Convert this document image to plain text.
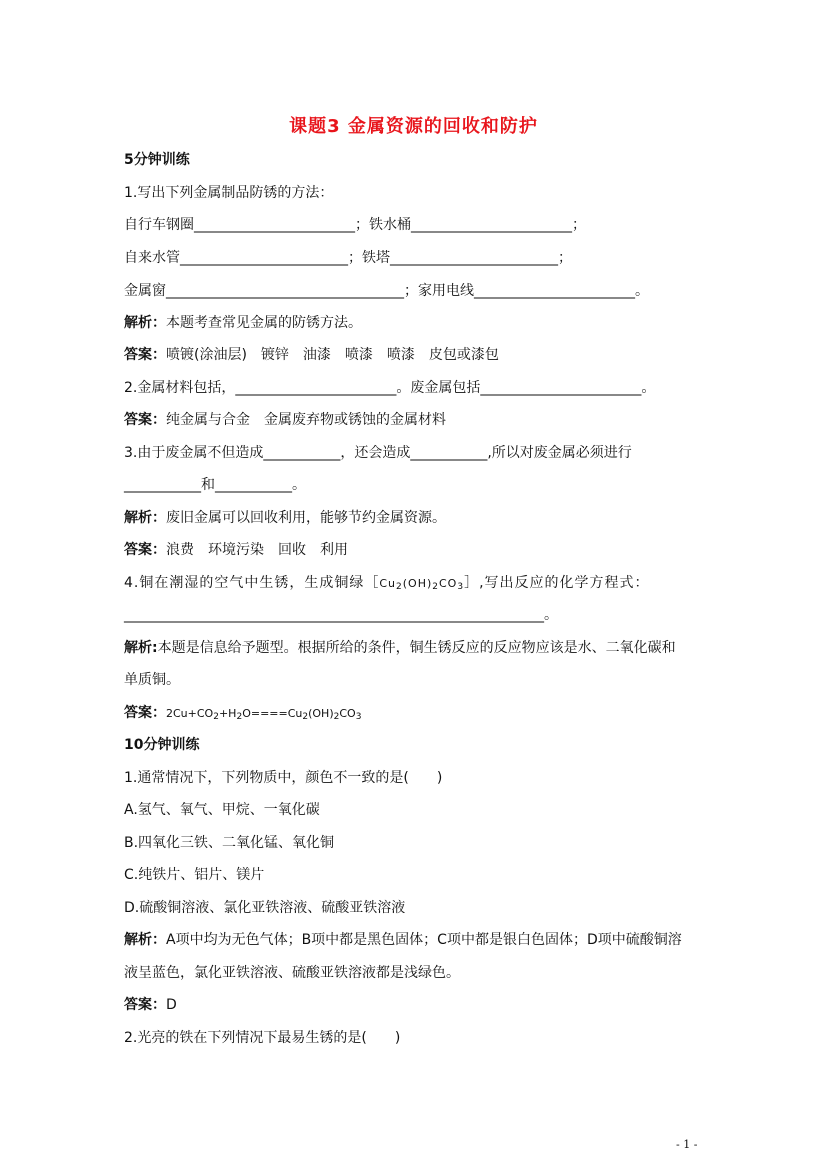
课题3 金属资源的回收和防护
5分钟训练
1.写出下列金属制品防锈的方法：
自行车钢圈_______________________；铁水桶_______________________；
自来水管________________________；铁塔________________________；
金属窗__________________________________；家用电线_______________________。
解析：本题考查常见金属的防锈方法。
答案：喷镀(涂油层)　镀锌　油漆　喷漆　喷漆　皮包或漆包
2.金属材料包括，_______________________。废金属包括_______________________。
答案：纯金属与合金　金属废弃物或锈蚀的金属材料
3.由于废金属不但造成___________，还会造成___________,所以对废金属必须进行
___________和___________。
解析：废旧金属可以回收利用，能够节约金属资源。
答案：浪费　环境污染　回收　利用
4.铜在潮湿的空气中生锈，生成铜绿$[Cu_2(OH)_2CO_3]$,写出反应的化学方程式：
____________________________________________________________。
解析:本题是信息给予题型。根据所给的条件，铜生锈反应的反应物应该是水、二氧化碳和
单质铜。
答案：$2Cu+CO_2+H_2O====Cu_2(OH)_2CO_3$
10分钟训练
1.通常情况下，下列物质中，颜色不一致的是(　　)
A.氢气、氧气、甲烷、一氧化碳
B.四氧化三铁、二氧化锰、氧化铜
C.纯铁片、铝片、镁片
D.硫酸铜溶液、氯化亚铁溶液、硫酸亚铁溶液
解析：A项中均为无色气体；B项中都是黑色固体；C项中都是银白色固体；D项中硫酸铜溶
液呈蓝色，氯化亚铁溶液、硫酸亚铁溶液都是浅绿色。
答案：D
2.光亮的铁在下列情况下最易生锈的是(　　)
- 1 -
